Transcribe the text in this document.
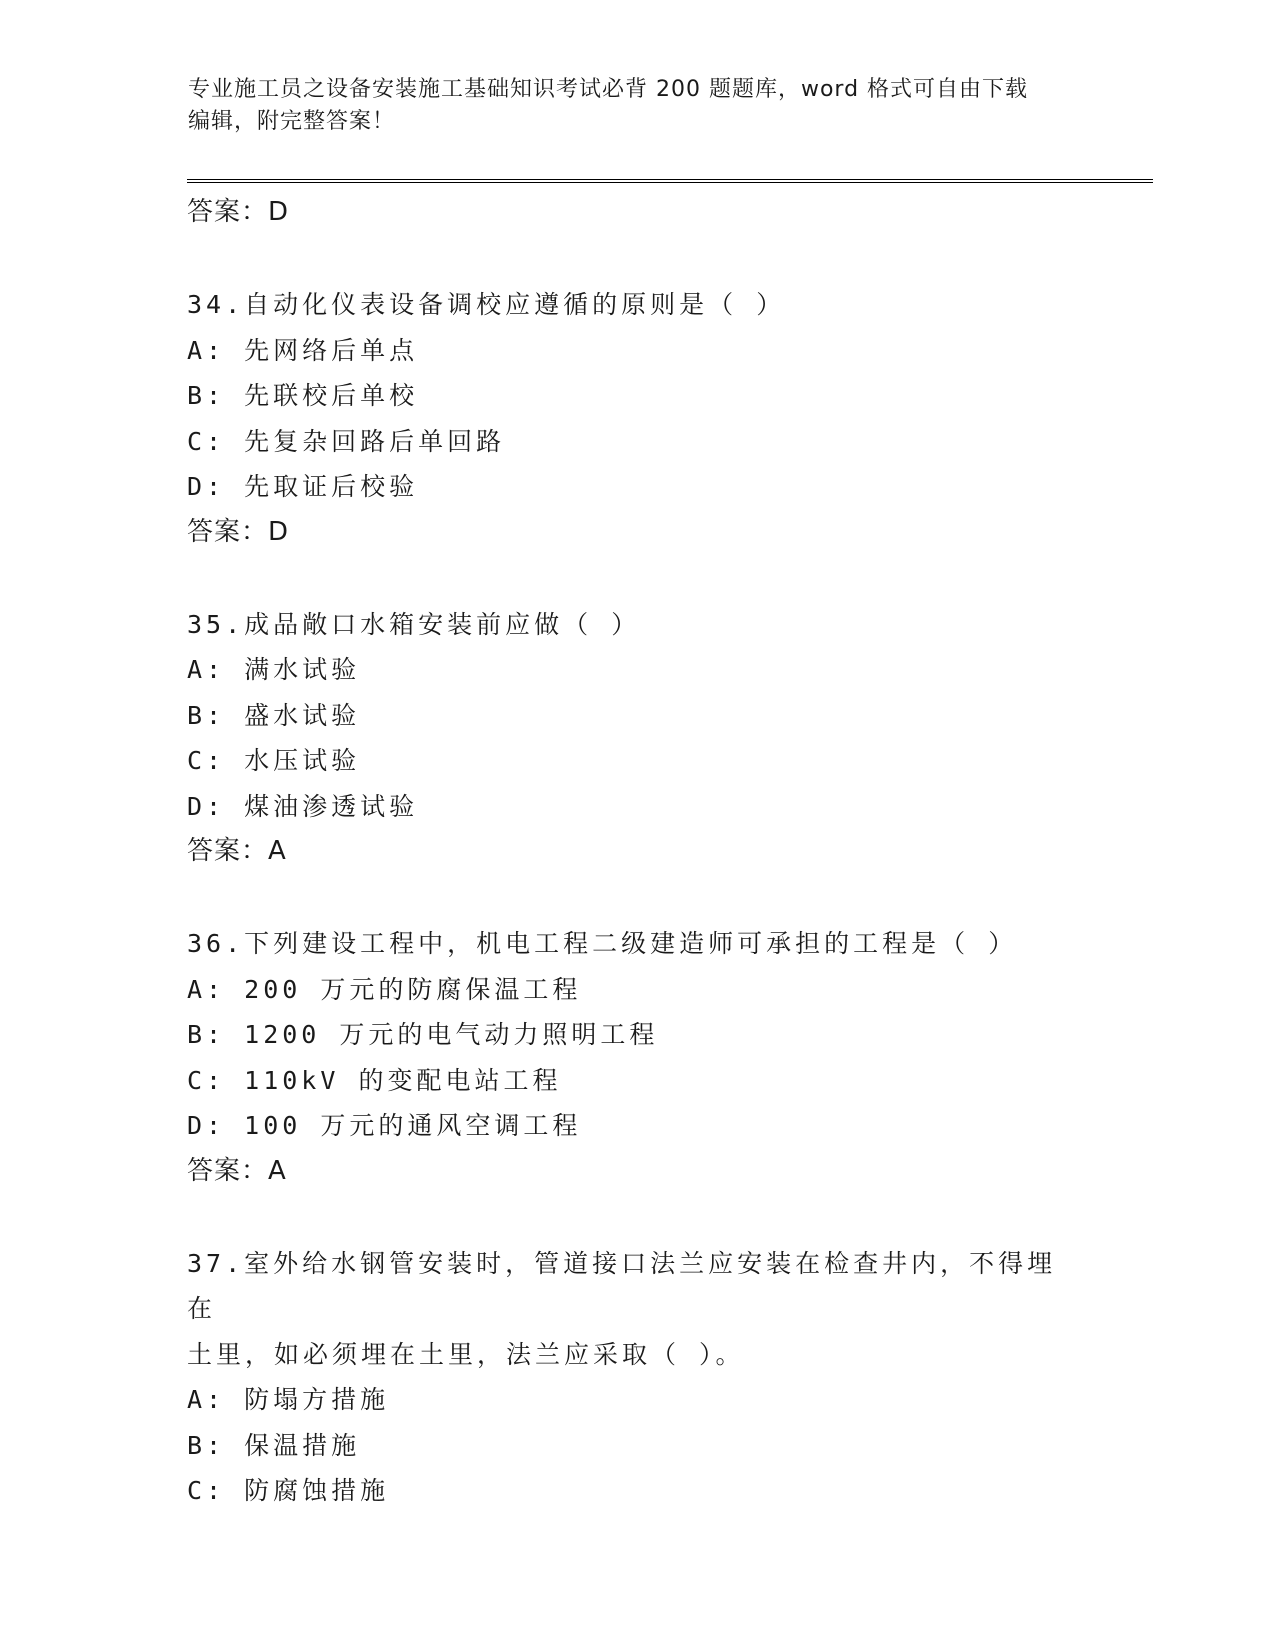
专业施工员之设备安装施工基础知识考试必背 200 题题库，word 格式可自由下载
编辑，附完整答案！
答案：D
34.自动化仪表设备调校应遵循的原则是（ ）
A: 先网络后单点
B: 先联校后单校
C: 先复杂回路后单回路
D: 先取证后校验
答案：D
35.成品敞口水箱安装前应做（ ）
A: 满水试验
B: 盛水试验
C: 水压试验
D: 煤油渗透试验
答案：A
36.下列建设工程中，机电工程二级建造师可承担的工程是（ ）
A: 200 万元的防腐保温工程
B: 1200 万元的电气动力照明工程
C: 110kV 的变配电站工程
D: 100 万元的通风空调工程
答案：A
37.室外给水钢管安装时，管道接口法兰应安装在检查井内，不得埋在
土里，如必须埋在土里，法兰应采取（ ）。
A: 防塌方措施
B: 保温措施
C: 防腐蚀措施
